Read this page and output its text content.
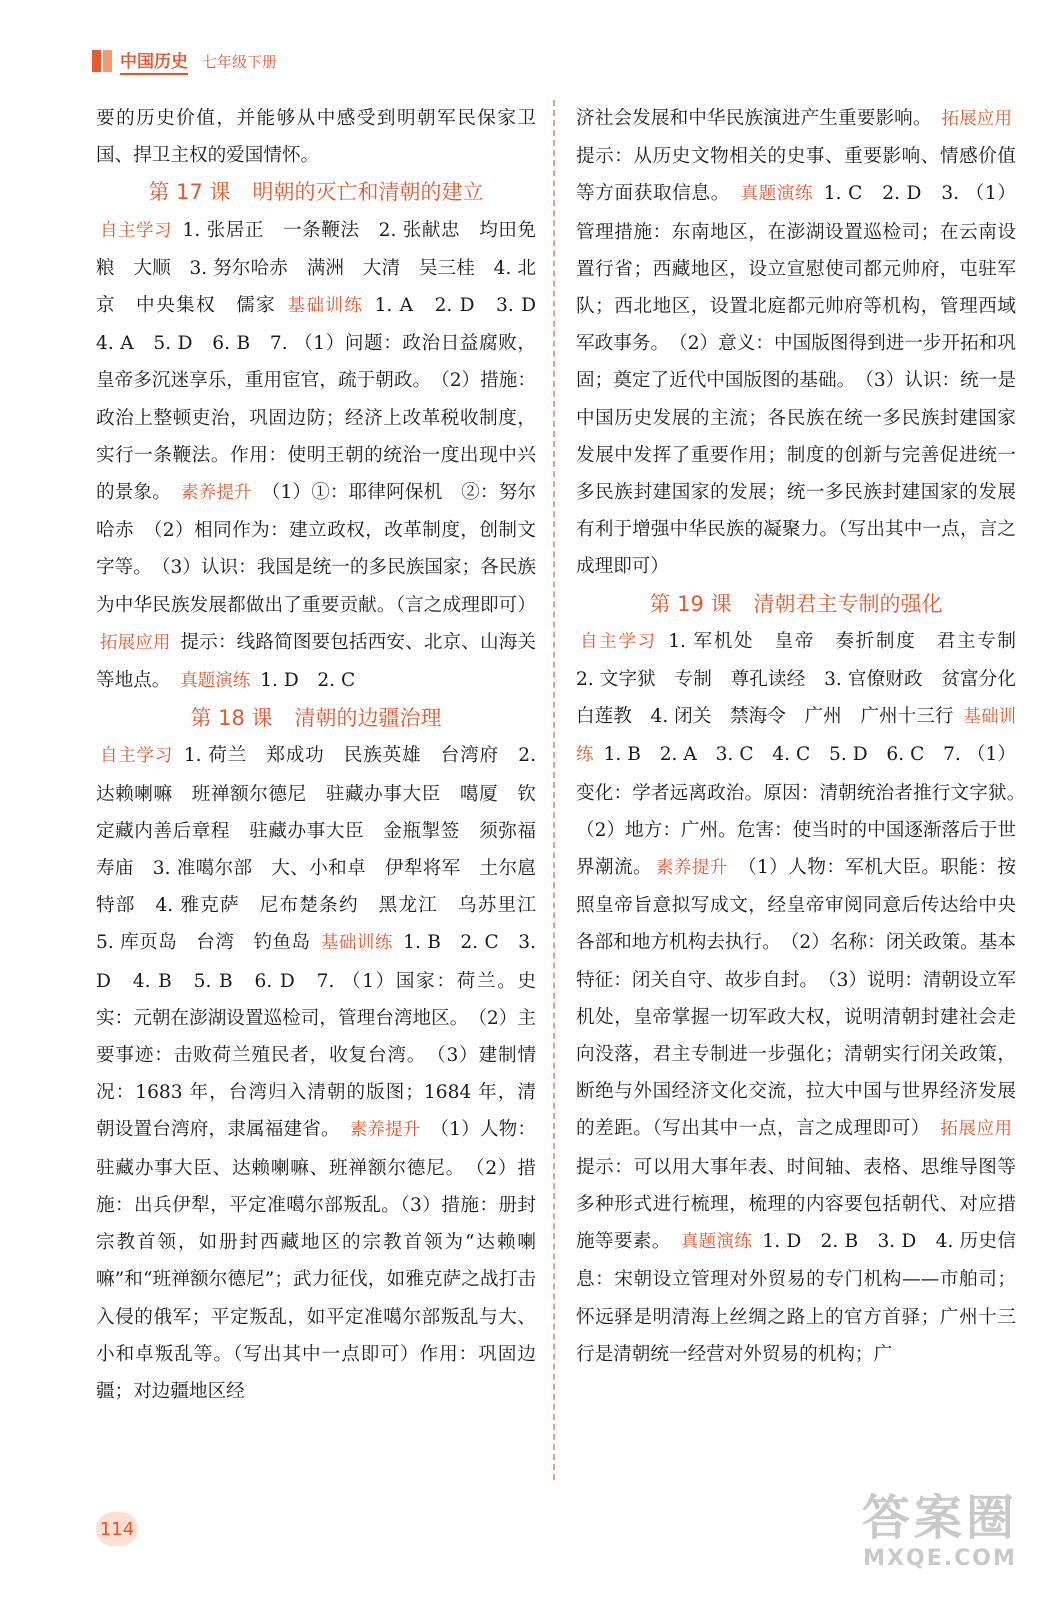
中国历史 七年级下册

要的历史价值，并能够从中感受到明朝军民保家卫国、捍卫主权的爱国情怀。

第 17 课 明朝的灭亡和清朝的建立

自主学习 1. 张居正　一条鞭法　2. 张献忠　均田免粮　大顺　3. 努尔哈赤　满洲　大清　吴三桂　4. 北京　中央集权　儒家 基础训练 1. A　2. D　3. D　4. A　5. D　6. B　7. （1）问题：政治日益腐败，皇帝多沉迷享乐，重用宦官，疏于朝政。　（2）措施：政治上整顿吏治，巩固边防；经济上改革税收制度，实行一条鞭法。作用：使明王朝的统治一度出现中兴的景象。 素养提升 （1）①：耶律阿保机　②：努尔哈赤　（2）相同作为：建立政权，改革制度，创制文字等。　（3）认识：我国是统一的多民族国家；各民族为中华民族发展都做出了重要贡献。（言之成理即可） 拓展应用 提示：线路简图要包括西安、北京、山海关等地点。 真题演练 1. D　2. C

第 18 课 清朝的边疆治理

自主学习 1. 荷兰　郑成功　民族英雄　台湾府　2. 达赖喇嘛　班禅额尔德尼　驻藏办事大臣　噶厦　钦定藏内善后章程　驻藏办事大臣　金瓶掣签　须弥福寿庙　3. 准噶尔部　大、小和卓　伊犁将军　土尔扈特部　4. 雅克萨　尼布楚条约　黑龙江　乌苏里江　5. 库页岛　台湾　钓鱼岛 基础训练 1. B　2. C　3. D　4. B　5. B　6. D　7. （1）国家：荷兰。史实：元朝在澎湖设置巡检司，管理台湾地区。　（2）主要事迹：击败荷兰殖民者，收复台湾。　（3）建制情况：1683 年，台湾归入清朝的版图；1684 年，清朝设置台湾府，隶属福建省。 素养提升 （1）人物：驻藏办事大臣、达赖喇嘛、班禅额尔德尼。　（2）措施：出兵伊犁，平定准噶尔部叛乱。（3）措施：册封宗教首领，如册封西藏地区的宗教首领为“达赖喇嘛”和“班禅额尔德尼”；武力征伐，如雅克萨之战打击入侵的俄军；平定叛乱，如平定准噶尔部叛乱与大、小和卓叛乱等。（写出其中一点即可）作用：巩固边疆；对边疆地区经

济社会发展和中华民族演进产生重要影响。 拓展应用 提示：从历史文物相关的史事、重要影响、情感价值等方面获取信息。 真题演练 1. C　2. D　3. （1）管理措施：东南地区，在澎湖设置巡检司；在云南设置行省；西藏地区，设立宣慰使司都元帅府，屯驻军队；西北地区，设置北庭都元帅府等机构，管理西域军政事务。　（2）意义：中国版图得到进一步开拓和巩固；奠定了近代中国版图的基础。　（3）认识：统一是中国历史发展的主流；各民族在统一多民族封建国家发展中发挥了重要作用；制度的创新与完善促进统一多民族封建国家的发展；统一多民族封建国家的发展有利于增强中华民族的凝聚力。（写出其中一点，言之成理即可）

第 19 课 清朝君主专制的强化

自主学习 1. 军机处　皇帝　奏折制度　君主专制　2. 文字狱　专制　尊孔读经　3. 官僚财政　贫富分化　白莲教　4. 闭关　禁海令　广州　广州十三行 基础训练 1. B　2. A　3. C　4. C　5. D　6. C　7. （1）变化：学者远离政治。原因：清朝统治者推行文字狱。　（2）地方：广州。危害：使当时的中国逐渐落后于世界潮流。 素养提升 （1）人物：军机大臣。职能：按照皇帝旨意拟写成文，经皇帝审阅同意后传达给中央各部和地方机构去执行。　（2）名称：闭关政策。基本特征：闭关自守、故步自封。　（3）说明：清朝设立军机处，皇帝掌握一切军政大权，说明清朝封建社会走向没落，君主专制进一步强化；清朝实行闭关政策，断绝与外国经济文化交流，拉大中国与世界经济发展的差距。（写出其中一点，言之成理即可） 拓展应用 提示：可以用大事年表、时间轴、表格、思维导图等多种形式进行梳理，梳理的内容要包括朝代、对应措施等要素。 真题演练 1. D　2. B　3. D　4. 历史信息：宋朝设立管理对外贸易的专门机构——市舶司；怀远驿是明清海上丝绸之路上的官方首驿；广州十三行是清朝统一经营对外贸易的机构；广

114	答案圈
MXQE.COM
